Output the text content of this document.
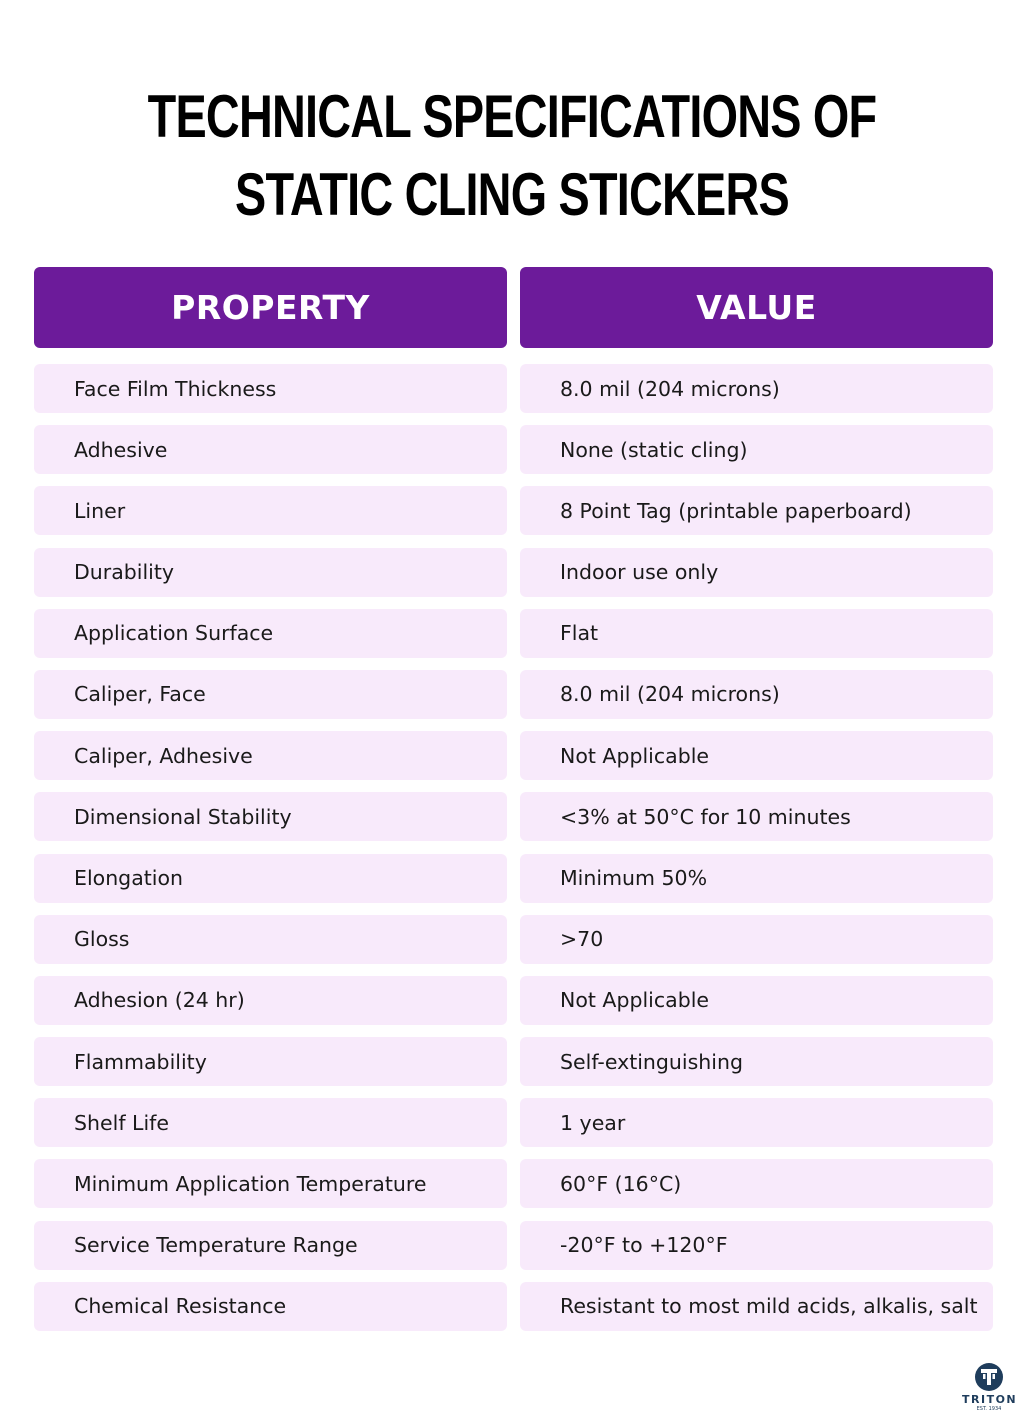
TECHNICAL SPECIFICATIONS OF
STATIC CLING STICKERS
PROPERTY	VALUE
Face Film Thickness	8.0 mil (204 microns)
Adhesive	None (static cling)
Liner	8 Point Tag (printable paperboard)
Durability	Indoor use only
Application Surface	Flat
Caliper, Face	8.0 mil (204 microns)
Caliper, Adhesive	Not Applicable
Dimensional Stability	<3% at 50°C for 10 minutes
Elongation	Minimum 50%
Gloss	>70
Adhesion (24 hr)	Not Applicable
Flammability	Self-extinguishing
Shelf Life	1 year
Minimum Application Temperature	60°F (16°C)
Service Temperature Range	-20°F to +120°F
Chemical Resistance	Resistant to most mild acids, alkalis, salt
TRITON
EST. 1934
